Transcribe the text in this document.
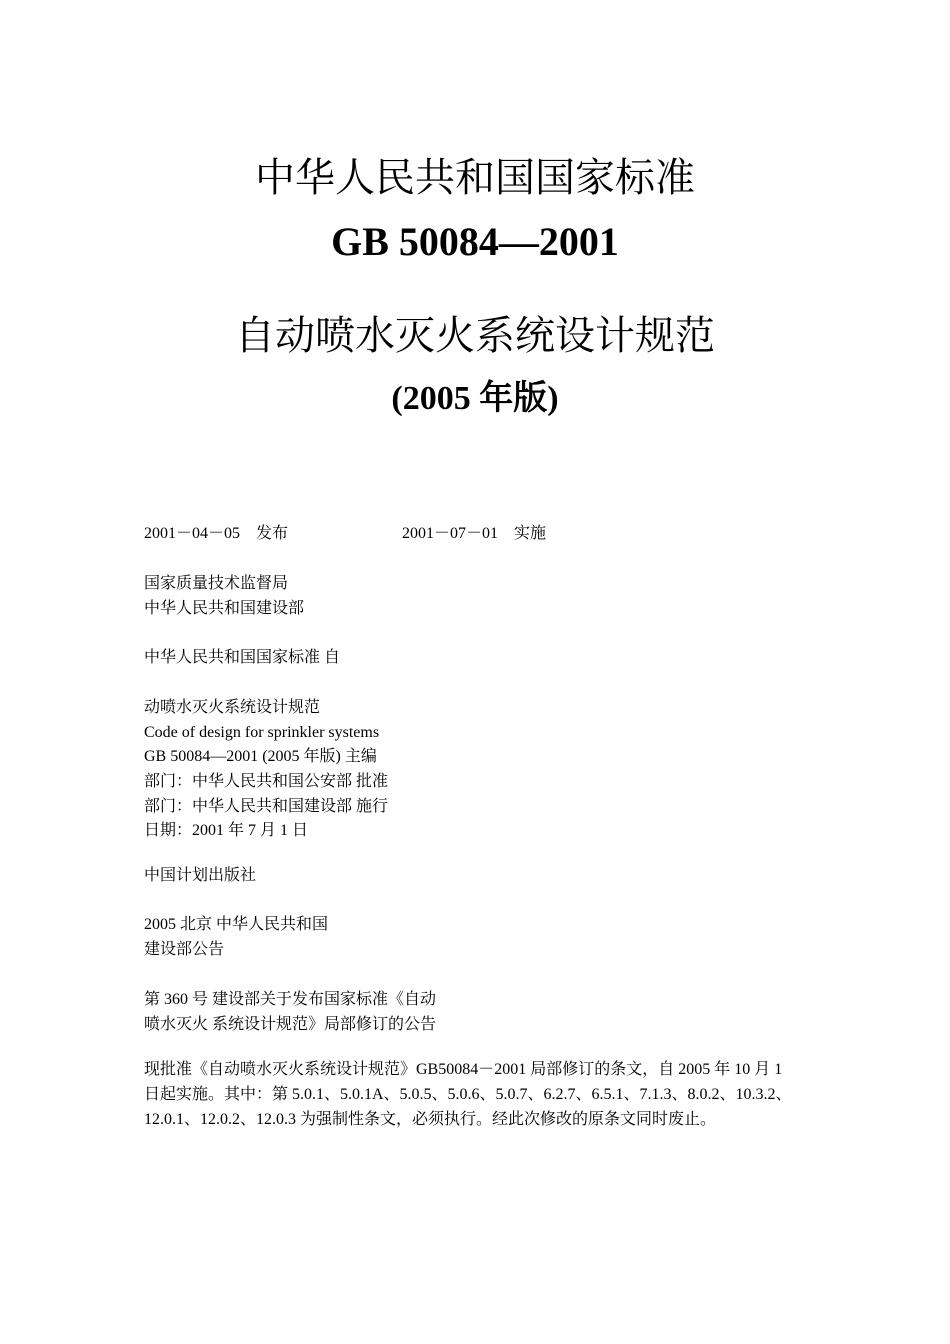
中华人民共和国国家标准
GB 50084—2001
自动喷水灭火系统设计规范
(2005 年版)
2001－04－05　发布	2001－07－01　实施
国家质量技术监督局
中华人民共和国建设部
中华人民共和国国家标准 自
动喷水灭火系统设计规范
Code of design for sprinkler systems
GB 50084—2001 (2005 年版) 主编
部门：中华人民共和国公安部 批准
部门：中华人民共和国建设部 施行
日期：2001 年 7 月 1 日
中国计划出版社
2005 北京 中华人民共和国
建设部公告
第 360 号 建设部关于发布国家标准《自动
喷水灭火 系统设计规范》局部修订的公告
现批准《自动喷水灭火系统设计规范》GB50084－2001 局部修订的条文，自 2005 年 10 月 1
日起实施。其中：第 5.0.1、5.0.1A、5.0.5、5.0.6、5.0.7、6.2.7、6.5.1、7.1.3、8.0.2、10.3.2、
12.0.1、12.0.2、12.0.3 为强制性条文，必须执行。经此次修改的原条文同时废止。
